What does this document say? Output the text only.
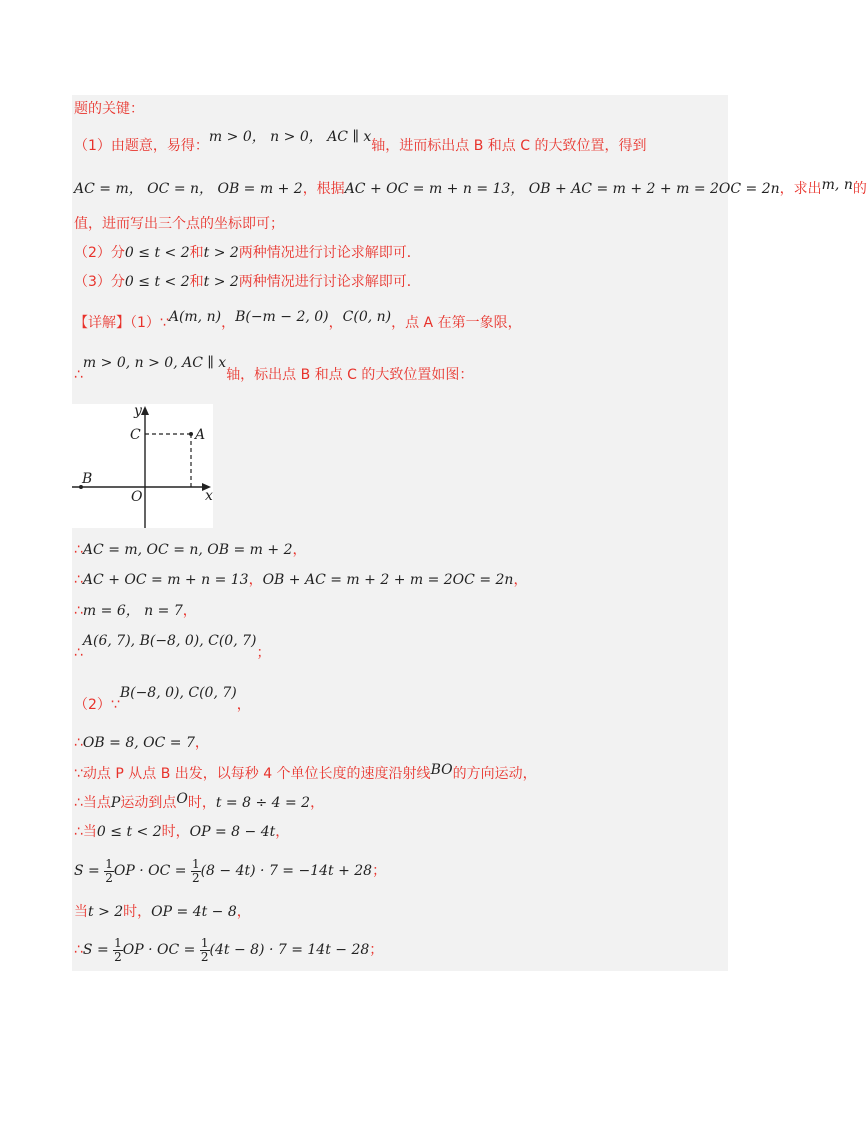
题的关键：
（1）由题意，易得：m > 0， n > 0， AC ∥ x轴，进而标出点 B 和点 C 的大致位置，得到
AC = m， OC = n， OB = m + 2，根据AC + OC = m + n = 13， OB + AC = m + 2 + m = 2OC = 2n，求出m, n的
值，进而写出三个点的坐标即可；
（2）分0 ≤ t < 2和t > 2两种情况进行讨论求解即可．
（3）分0 ≤ t < 2和t > 2两种情况进行讨论求解即可．
【详解】（1）∵A(m, n)，B(−m − 2, 0)，C(0, n)，点 A 在第一象限，
∴m > 0, n > 0, AC ∥ x轴，标出点 B 和点 C 的大致位置如图：
y
x
A
C
B
O
∴AC = m, OC = n, OB = m + 2，
∴AC + OC = m + n = 13，OB + AC = m + 2 + m = 2OC = 2n，
∴m = 6， n = 7，
∴A(6, 7), B(−8, 0), C(0, 7)；
（2）∵B(−8, 0), C(0, 7)，
∴OB = 8, OC = 7，
∵动点 P 从点 B 出发，以每秒 4 个单位长度的速度沿射线BO的方向运动，
∴当点P运动到点O时，t = 8 ÷ 4 = 2，
∴当0 ≤ t < 2时，OP = 8 − 4t，
$S = \frac{1}{2}$ OP · OC = $\frac{1}{2} (8 - 4t) \cdot 7 = -14t + 28$；
当t > 2时，OP = 4t − 8，
∴S = $\frac{1}{2}$ OP · OC = $\frac{1}{2} (4t - 8) \cdot 7 = 14t - 28$；
